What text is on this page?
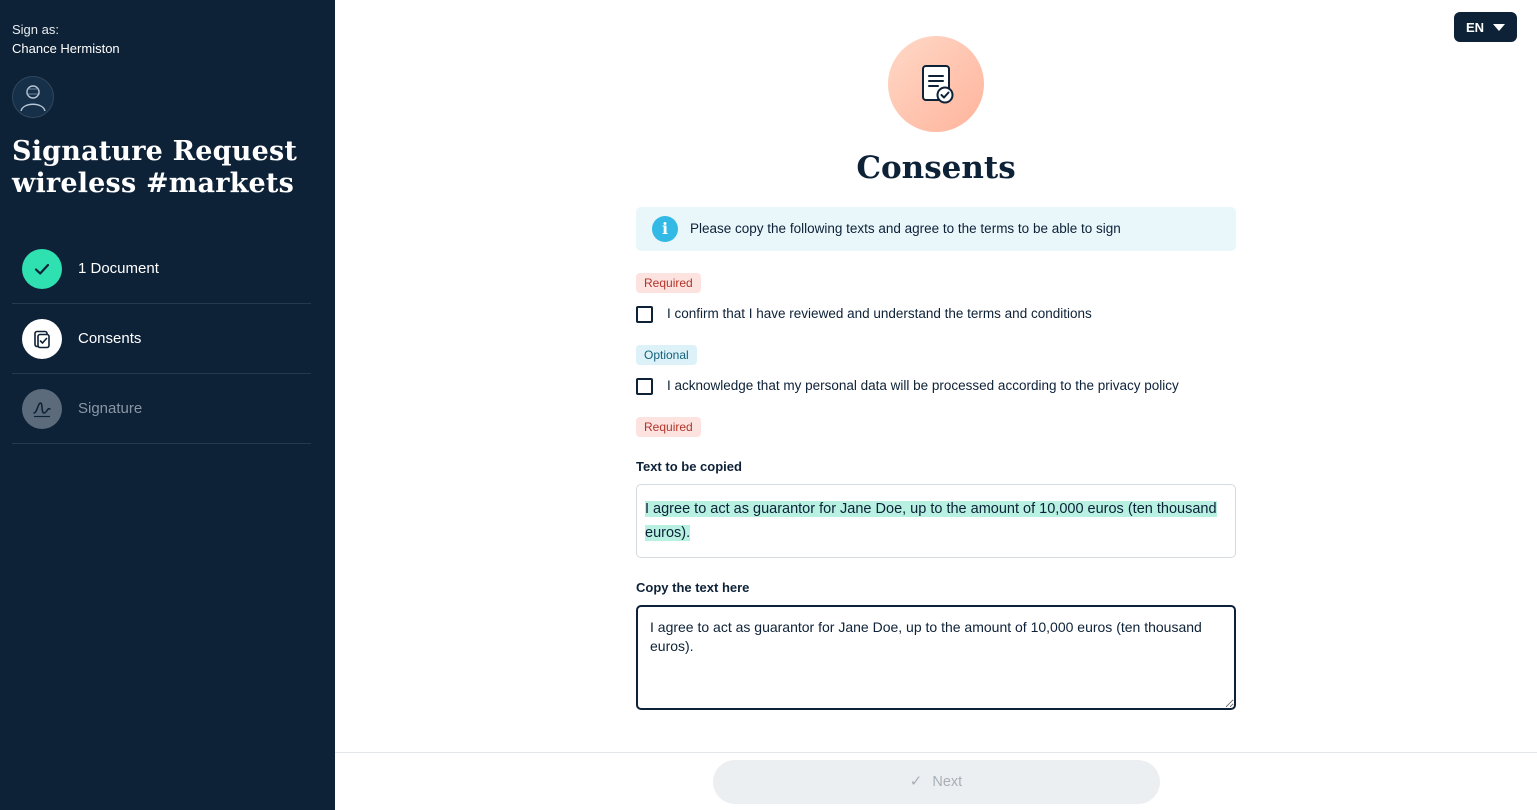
Sign as:
Chance Hermiston
Signature Request wireless #markets
1 Document
Consents
Signature
EN
Consents
i	Please copy the following texts and agree to the terms to be able to sign
Required
I confirm that I have reviewed and understand the terms and conditions
Optional
I acknowledge that my personal data will be processed according to the privacy policy
Required
Text to be copied
I agree to act as guarantor for Jane Doe, up to the amount of 10,000 euros (ten thousand euros).
Copy the text here
I agree to act as guarantor for Jane Doe, up to the amount of 10,000 euros (ten thousand euros).
✓ Next
